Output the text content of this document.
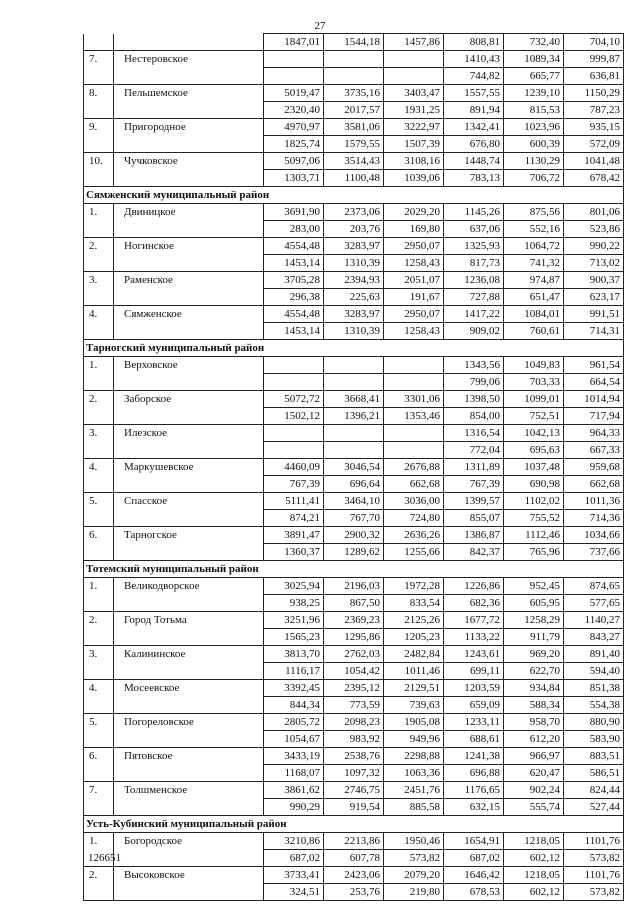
27
		1847,01	1544,18	1457,86	808,81	732,40	704,10
7.	Нестеровское				1410,43	1089,34	999,87
					744,82	665,77	636,81
8.	Пельшемское	5019,47	3735,16	3403,47	1557,55	1239,10	1150,29
		2320,40	2017,57	1931,25	891,94	815,53	787,23
9.	Пригородное	4970,97	3581,06	3222,97	1342,41	1023,96	935,15
		1825,74	1579,55	1507,39	676,80	600,39	572,09
10.	Чучковское	5097,06	3514,43	3108,16	1448,74	1130,29	1041,48
		1303,71	1100,48	1039,06	783,13	706,72	678,42
Сямженский муниципальный район							
1.	Двиницкое	3691,90	2373,06	2029,20	1145,26	875,56	801,06
		283,00	203,76	169,80	637,06	552,16	523,86
2.	Ногинское	4554,48	3283,97	2950,07	1325,93	1064,72	990,22
		1453,14	1310,39	1258,43	817,73	741,32	713,02
3.	Раменское	3705,28	2394,93	2051,07	1236,08	974,87	900,37
		296,38	225,63	191,67	727,88	651,47	623,17
4.	Сямженское	4554,48	3283,97	2950,07	1417,22	1084,01	991,51
		1453,14	1310,39	1258,43	909,02	760,61	714,31
Тарногский муниципальный район							
1.	Верховское				1343,56	1049,83	961,54
					799,06	703,33	664,54
2.	Заборское	5072,72	3668,41	3301,06	1398,50	1099,01	1014,94
		1502,12	1396,21	1353,46	854,00	752,51	717,94
3.	Илезское				1316,54	1042,13	964,33
					772,04	695,63	667,33
4.	Маркушевское	4460,09	3046,54	2676,88	1311,89	1037,48	959,68
		767,39	696,64	662,68	767,39	690,98	662,68
5.	Спасское	5111,41	3464,10	3036,00	1399,57	1102,02	1011,36
		874,21	767,70	724,80	855,07	755,52	714,36
6.	Тарногское	3891,47	2900,32	2636,26	1386,87	1112,46	1034,66
		1360,37	1289,62	1255,66	842,37	765,96	737,66
Тотемский муниципальный район							
1.	Великодворское	3025,94	2196,03	1972,28	1226,86	952,45	874,65
		938,25	867,50	833,54	682,36	605,95	577,65
2.	Город Тотьма	3251,96	2369,23	2125,26	1677,72	1258,29	1140,27
		1565,23	1295,86	1205,23	1133,22	911,79	843,27
3.	Калининское	3813,70	2762,03	2482,84	1243,61	969,20	891,40
		1116,17	1054,42	1011,46	699,11	622,70	594,40
4.	Мосеевское	3392,45	2395,12	2129,51	1203,59	934,84	851,38
		844,34	773,59	739,63	659,09	588,34	554,38
5.	Погореловское	2805,72	2098,23	1905,08	1233,11	958,70	880,90
		1054,67	983,92	949,96	688,61	612,20	583,90
6.	Пятовское	3433,19	2538,76	2298,88	1241,38	966,97	883,51
		1168,07	1097,32	1063,36	696,88	620,47	586,51
7.	Толшменское	3861,62	2746,75	2451,76	1176,65	902,24	824,44
		990,29	919,54	885,58	632,15	555,74	527,44
Усть-Кубинский муниципальный район							
1.	Богородское	3210,86	2213,86	1950,46	1654,91	1218,05	1101,76
		687,02	607,78	573,82	687,02	602,12	573,82
2.	Высоковское	3733,41	2423,06	2079,20	1646,42	1218,05	1101,76
		324,51	253,76	219,80	678,53	602,12	573,82
126651
